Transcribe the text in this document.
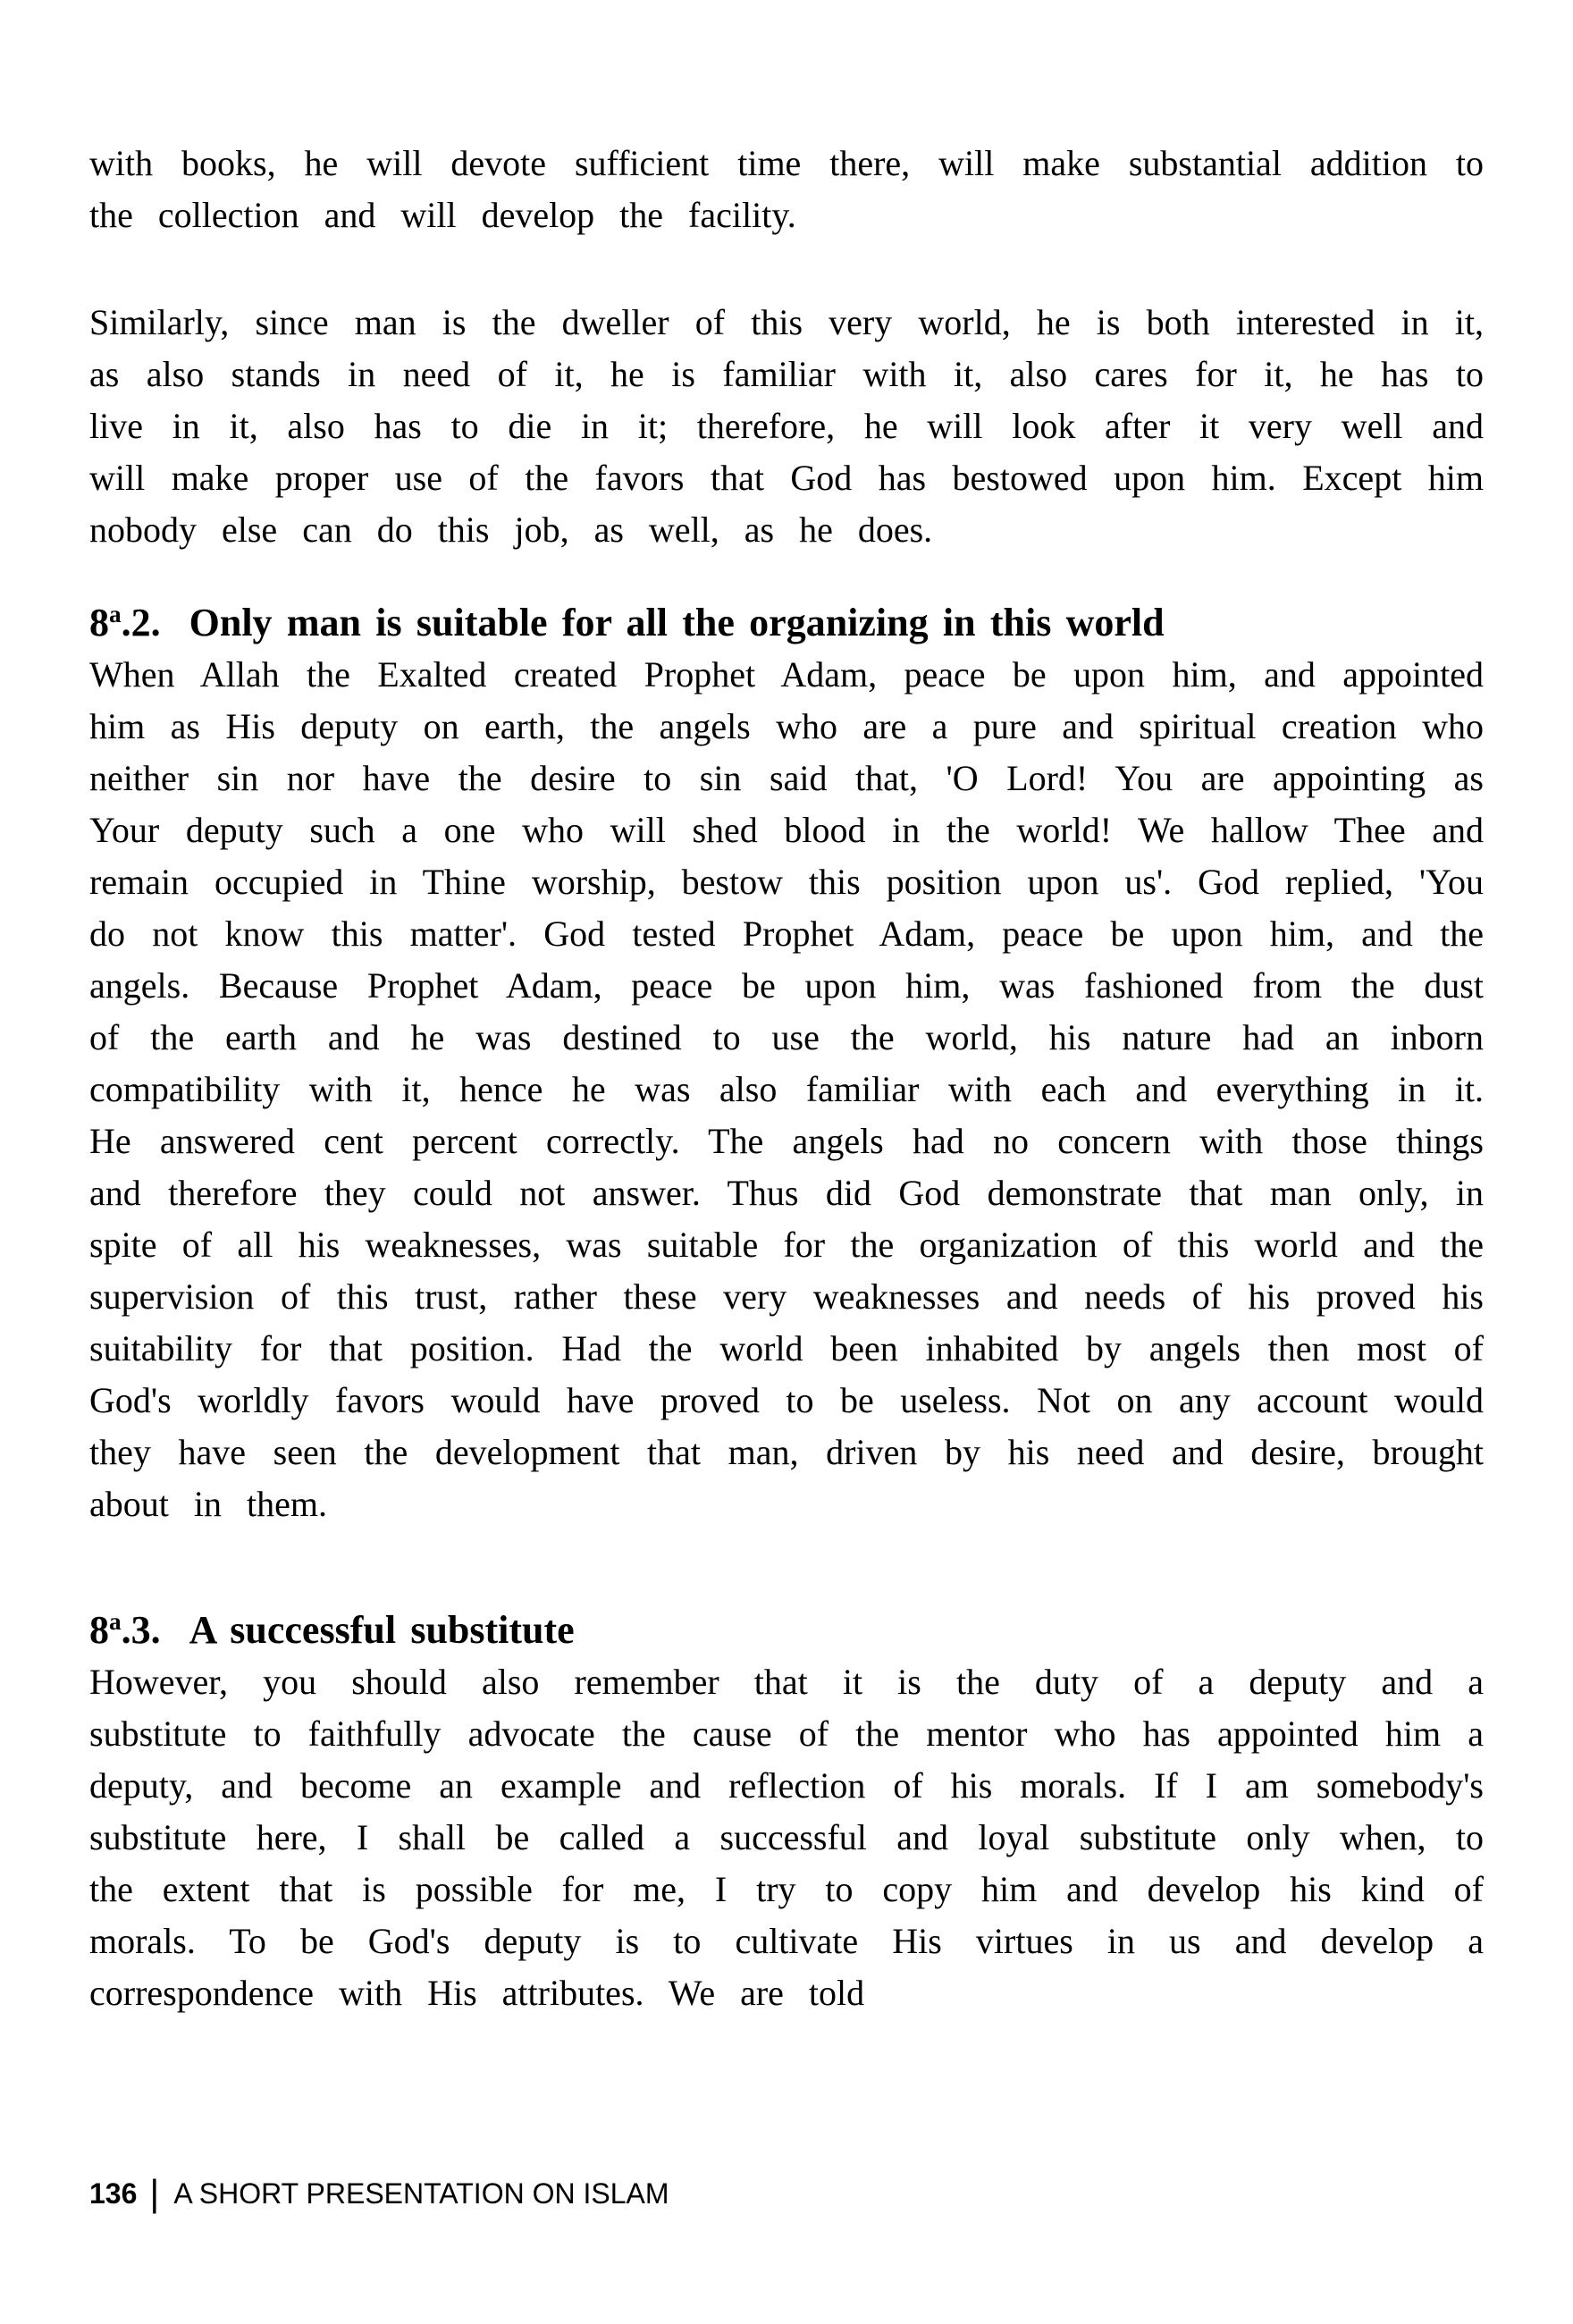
with books, he will devote sufficient time there, will make substantial addition to the collection and will develop the facility.

Similarly, since man is the dweller of this very world, he is both interested in it, as also stands in need of it, he is familiar with it, also cares for it, he has to live in it, also has to die in it; therefore, he will look after it very well and will make proper use of the favors that God has bestowed upon him. Except him nobody else can do this job, as well, as he does.

8$^a$.2. Only man is suitable for all the organizing in this world

When Allah the Exalted created Prophet Adam, peace be upon him, and appointed him as His deputy on earth, the angels who are a pure and spiritual creation who neither sin nor have the desire to sin said that, 'O Lord! You are appointing as Your deputy such a one who will shed blood in the world! We hallow Thee and remain occupied in Thine worship, bestow this position upon us'. God replied, 'You do not know this matter'. God tested Prophet Adam, peace be upon him, and the angels. Because Prophet Adam, peace be upon him, was fashioned from the dust of the earth and he was destined to use the world, his nature had an inborn compatibility with it, hence he was also familiar with each and everything in it. He answered cent percent correctly. The angels had no concern with those things and therefore they could not answer. Thus did God demonstrate that man only, in spite of all his weaknesses, was suitable for the organization of this world and the supervision of this trust, rather these very weaknesses and needs of his proved his suitability for that position. Had the world been inhabited by angels then most of God's worldly favors would have proved to be useless. Not on any account would they have seen the development that man, driven by his need and desire, brought about in them.

8$^a$.3. A successful substitute

However, you should also remember that it is the duty of a deputy and a substitute to faithfully advocate the cause of the mentor who has appointed him a deputy, and become an example and reflection of his morals. If I am somebody's substitute here, I shall be called a successful and loyal substitute only when, to the extent that is possible for me, I try to copy him and develop his kind of morals. To be God's deputy is to cultivate His virtues in us and develop a correspondence with His attributes. We are told

136 | A SHORT PRESENTATION ON ISLAM
